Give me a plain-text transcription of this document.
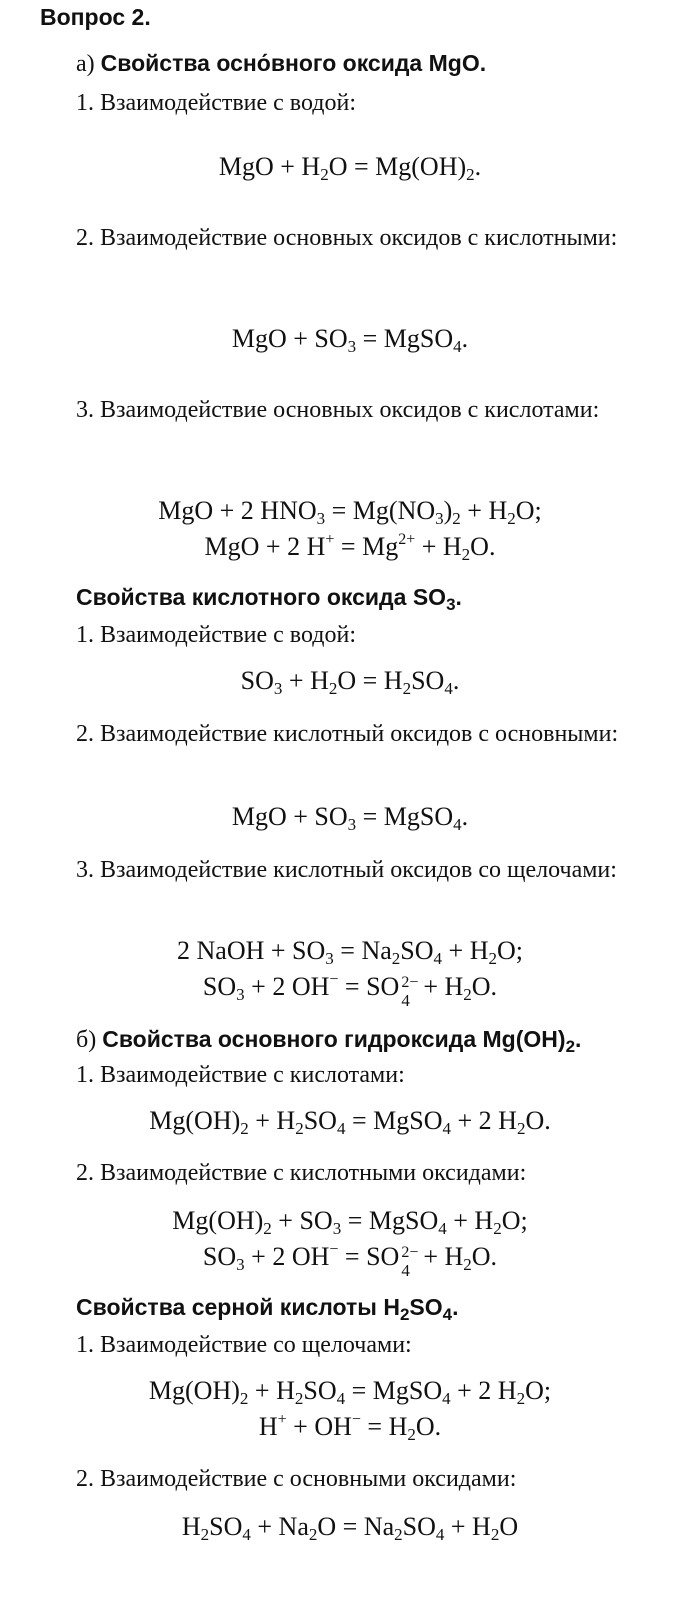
Вопрос 2.
а) Свойства осно́вного оксида MgO.
1. Взаимодействие с водой:
MgO + $H_2O = Mg(OH)_2$.
2. Взаимодействие основных оксидов с кислотными:
MgO + $SO_3$ = MgSO$_4$.
3. Взаимодействие основных оксидов с кислотами:
MgO + 2 $HNO_3 = Mg(NO_3)_2 + H_2O$;
MgO + 2 $H^+ = Mg^{2+} + H_2O$.
Свойства кислотного оксида $SO_3$.
1. Взаимодействие с водой:
$SO_3 + H_2O = H_2SO_4$.
2. Взаимодействие кислотный оксидов с основными:
MgO + $SO_3$ = MgSO$_4$.
3. Взаимодействие кислотный оксидов со щелочами:
2 NaOH + $SO_3 = Na_2SO_4 + H_2O$;
$SO_3 + 2$ OH− = SO 2−
$4 + H_2O$.
б) Свойства основного гидроксида $Mg(OH)_2$.
1. Взаимодействие с кислотами:
$Mg(OH)_2 + H_2SO_4$ = MgSO$_4$ + 2 $H_2O$.
2. Взаимодействие с кислотными оксидами:
$Mg(OH)_2 + SO_3$ = MgSO$_4$ + $H_2O$;
$SO_3 + 2$ OH− = SO 2−
$4 + H_2O$.
Свойства серной кислоты $H_2SO_4$.
1. Взаимодействие со щелочами:
$Mg(OH)_2 + H_2SO_4$ = MgSO$_4$ + 2 $H_2O$;
$H^+ + OH^- = H_2O$.
2. Взаимодействие с основными оксидами:
$H_2SO_4 + Na_2O = Na_2SO_4 + H_2O$
